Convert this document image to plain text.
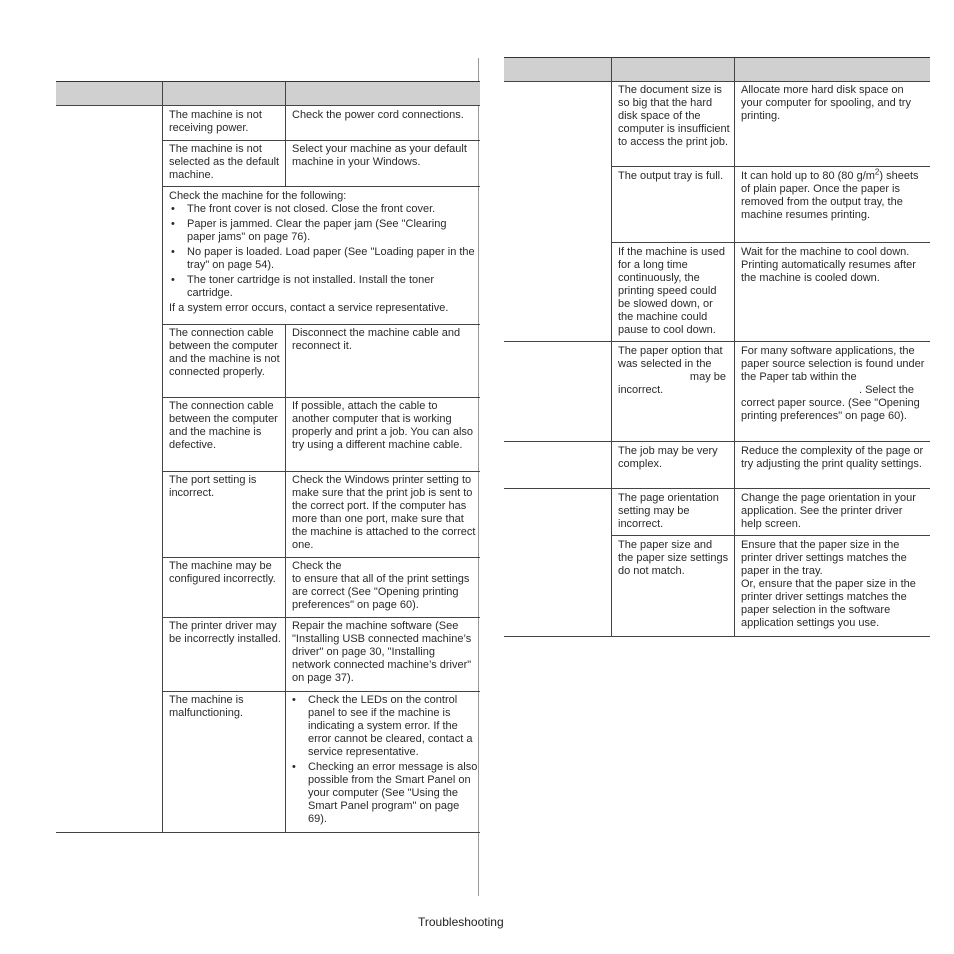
The machine is not receiving power.
Check the power cord connections.
The machine is not selected as the default machine.
Select your machine as your default machine in your Windows.
Check the machine for the following:
• The front cover is not closed. Close the front cover.
• Paper is jammed. Clear the paper jam (See "Clearing paper jams" on page 76).
• No paper is loaded. Load paper (See "Loading paper in the tray" on page 54).
• The toner cartridge is not installed. Install the toner cartridge.
If a system error occurs, contact a service representative.
The connection cable between the computer and the machine is not connected properly.
Disconnect the machine cable and reconnect it.
The connection cable between the computer and the machine is defective.
If possible, attach the cable to another computer that is working properly and print a job. You can also try using a different machine cable.
The port setting is incorrect.
Check the Windows printer setting to make sure that the print job is sent to the correct port. If the computer has more than one port, make sure that the machine is attached to the correct one.
The machine may be configured incorrectly.
Check the
to ensure that all of the print settings are correct (See "Opening printing preferences" on page 60).
The printer driver may be incorrectly installed.
Repair the machine software (See "Installing USB connected machine’s driver" on page 30, "Installing network connected machine’s driver" on page 37).
The machine is malfunctioning.
• Check the LEDs on the control panel to see if the machine is indicating a system error. If the error cannot be cleared, contact a service representative.
• Checking an error message is also possible from the Smart Panel on your computer (See "Using the Smart Panel program" on page 69).
The document size is so big that the hard disk space of the computer is insufficient to access the print job.
Allocate more hard disk space on your computer for spooling, and try printing.
The output tray is full.	It can hold up to 80 (80 $g/m^2$) sheets of plain paper. Once the paper is removed from the output tray, the machine resumes printing.
If the machine is used for a long time continuously, the printing speed could be slowed down, or the machine could pause to cool down.
Wait for the machine to cool down. Printing automatically resumes after the machine is cooled down.
The paper option that was selected in the
may be
incorrect.
For many software applications, the paper source selection is found under the Paper tab within the
. Select the
correct paper source. (See "Opening printing preferences" on page 60).
The job may be very complex.
Reduce the complexity of the page or try adjusting the print quality settings.
The page orientation setting may be incorrect.
Change the page orientation in your application. See the printer driver help screen.
The paper size and the paper size settings do not match.
Ensure that the paper size in the printer driver settings matches the paper in the tray.
Or, ensure that the paper size in the printer driver settings matches the paper selection in the software application settings you use.
Troubleshooting
